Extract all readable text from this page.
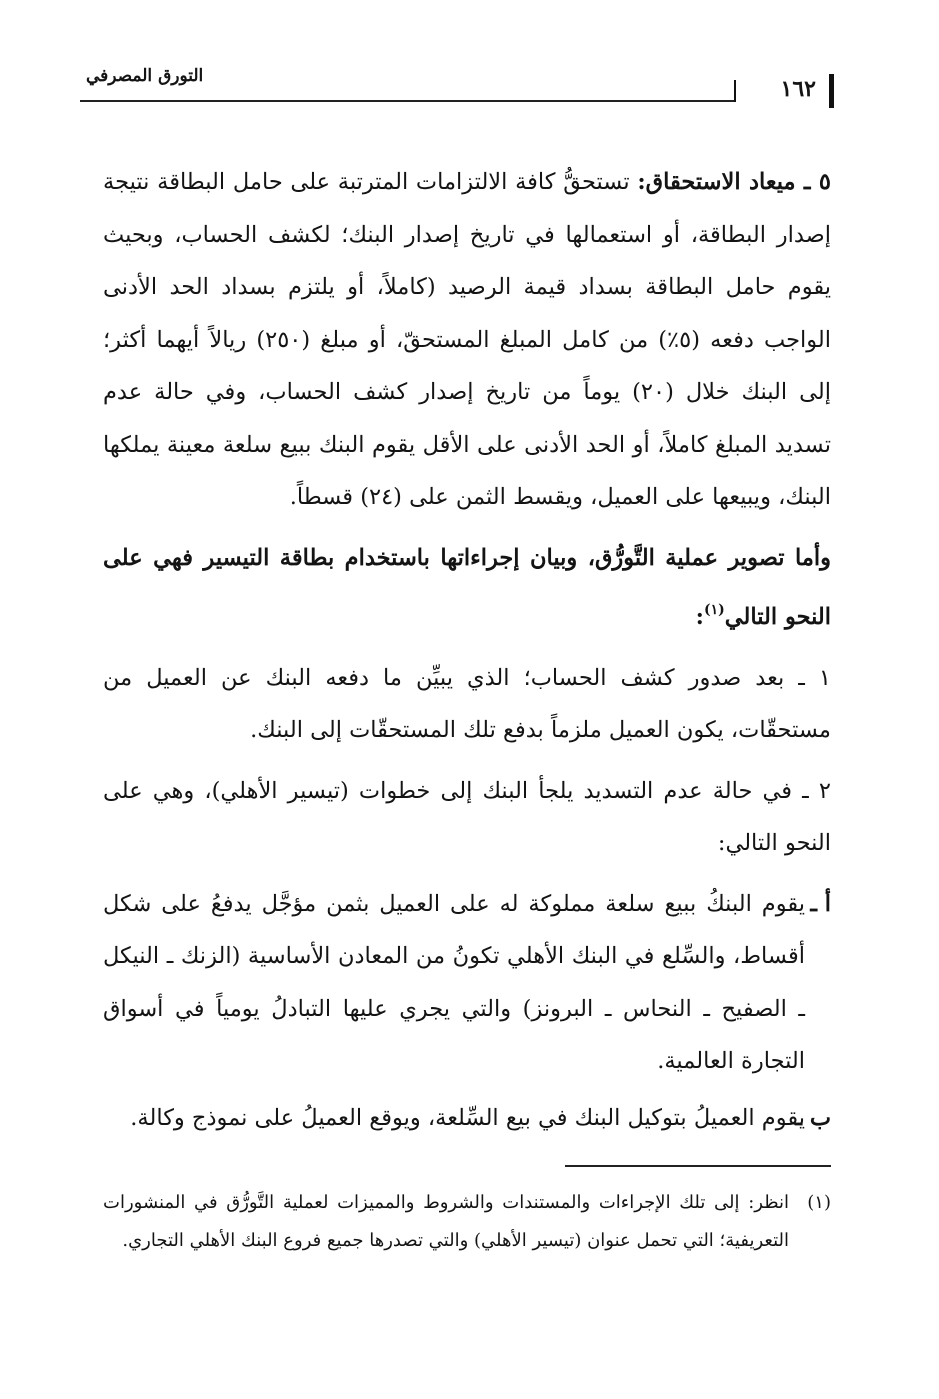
١٦٢
التورق المصرفي

٥ ـ ميعاد الاستحقاق: تستحقُّ كافة الالتزامات المترتبة على حامل البطاقة نتيجة إصدار البطاقة، أو استعمالها في تاريخ إصدار البنك؛ لكشف الحساب، وبحيث يقوم حامل البطاقة بسداد قيمة الرصيد (كاملاً، أو يلتزم بسداد الحد الأدنى الواجب دفعه (٥٪) من كامل المبلغ المستحقّ، أو مبلغ (٢٥٠) ريالاً أيهما أكثر؛ إلى البنك خلال (٢٠) يوماً من تاريخ إصدار كشف الحساب، وفي حالة عدم تسديد المبلغ كاملاً، أو الحد الأدنى على الأقل يقوم البنك ببيع سلعة معينة يملكها البنك، ويبيعها على العميل، ويقسط الثمن على (٢٤) قسطاً.

وأما تصوير عملية التَّورُّق، وبيان إجراءاتها باستخدام بطاقة التيسير فهي على النحو التالي$^{(١)}$:

١ ـ بعد صدور كشف الحساب؛ الذي يبيِّن ما دفعه البنك عن العميل من مستحقّات، يكون العميل ملزماً بدفع تلك المستحقّات إلى البنك.

٢ ـ في حالة عدم التسديد يلجأ البنك إلى خطوات (تيسير الأهلي)، وهي على النحو التالي:

أ ـ
يقوم البنكُ ببيع سلعة مملوكة له على العميل بثمن مؤجَّل يدفعُ على شكل أقساط، والسِّلع في البنك الأهلي تكونُ من المعادن الأساسية (الزنك ـ النيكل ـ الصفيح ـ النحاس ـ البرونز) والتي يجري عليها التبادلُ يومياً في أسواق التجارة العالمية.

ب ـ
يقوم العميلُ بتوكيل البنك في بيع السِّلعة، ويوقع العميلُ على نموذج وكالة.

(١)
انظر: إلى تلك الإجراءات والمستندات والشروط والمميزات لعملية التَّورُّق في المنشورات التعريفية؛ التي تحمل عنوان (تيسير الأهلي) والتي تصدرها جميع فروع البنك الأهلي التجاري.
